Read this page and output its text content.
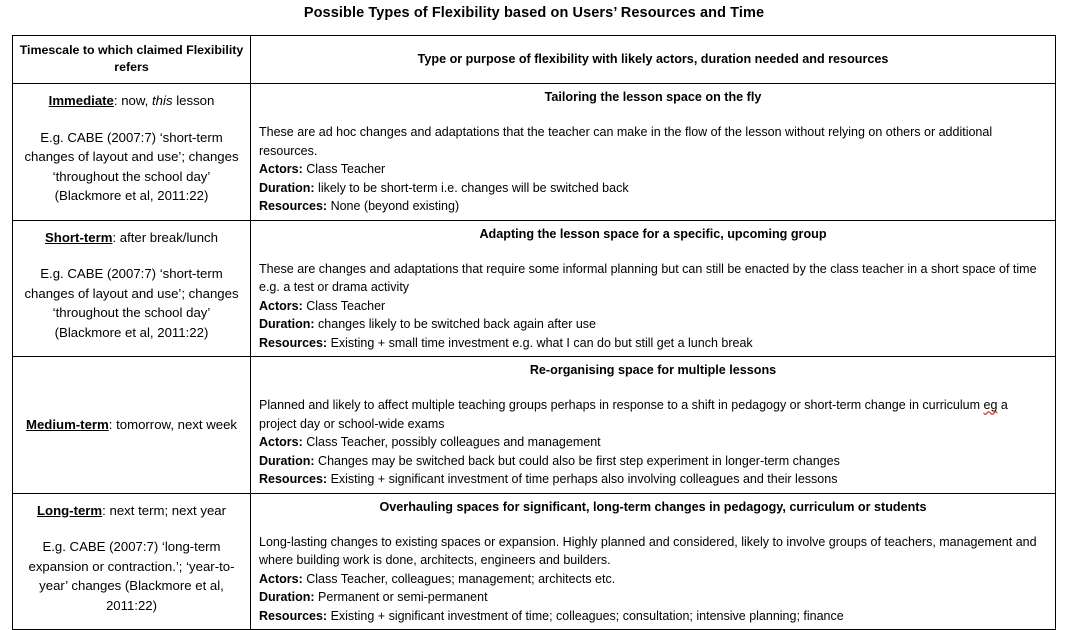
Possible Types of Flexibility based on Users’ Resources and Time
Timescale to which claimed Flexibility refers	Type or purpose of flexibility with likely actors, duration needed and resources

Immediate: now, this lesson
E.g. CABE (2007:7) ‘short-term changes of layout and use’; changes ‘throughout the school day’ (Blackmore et al, 2011:22)	Tailoring the lesson space on the fly
These are ad hoc changes and adaptations that the teacher can make in the flow of the lesson without relying on others or additional resources.
Actors: Class Teacher
Duration: likely to be short-term i.e. changes will be switched back
Resources: None (beyond existing)

Short-term: after break/lunch
E.g. CABE (2007:7) ‘short-term changes of layout and use’; changes ‘throughout the school day’ (Blackmore et al, 2011:22)	Adapting the lesson space for a specific, upcoming group
These are changes and adaptations that require some informal planning but can still be enacted by the class teacher in a short space of time e.g. a test or drama activity
Actors: Class Teacher
Duration: changes likely to be switched back again after use
Resources: Existing + small time investment e.g. what I can do but still get a lunch break

Medium-term: tomorrow, next week	Re-organising space for multiple lessons
Planned and likely to affect multiple teaching groups perhaps in response to a shift in pedagogy or short-term change in curriculum eg a project day or school-wide exams
Actors: Class Teacher, possibly colleagues and management
Duration: Changes may be switched back but could also be first step experiment in longer-term changes
Resources: Existing + significant investment of time perhaps also involving colleagues and their lessons

Long-term: next term; next year
E.g. CABE (2007:7) ‘long-term expansion or contraction.’; ‘year-to-year’ changes (Blackmore et al, 2011:22)	Overhauling spaces for significant, long-term changes in pedagogy, curriculum or students
Long-lasting changes to existing spaces or expansion. Highly planned and considered, likely to involve groups of teachers, management and where building work is done, architects, engineers and builders.
Actors: Class Teacher, colleagues; management; architects etc.
Duration: Permanent or semi-permanent
Resources: Existing + significant investment of time; colleagues; consultation; intensive planning; finance
